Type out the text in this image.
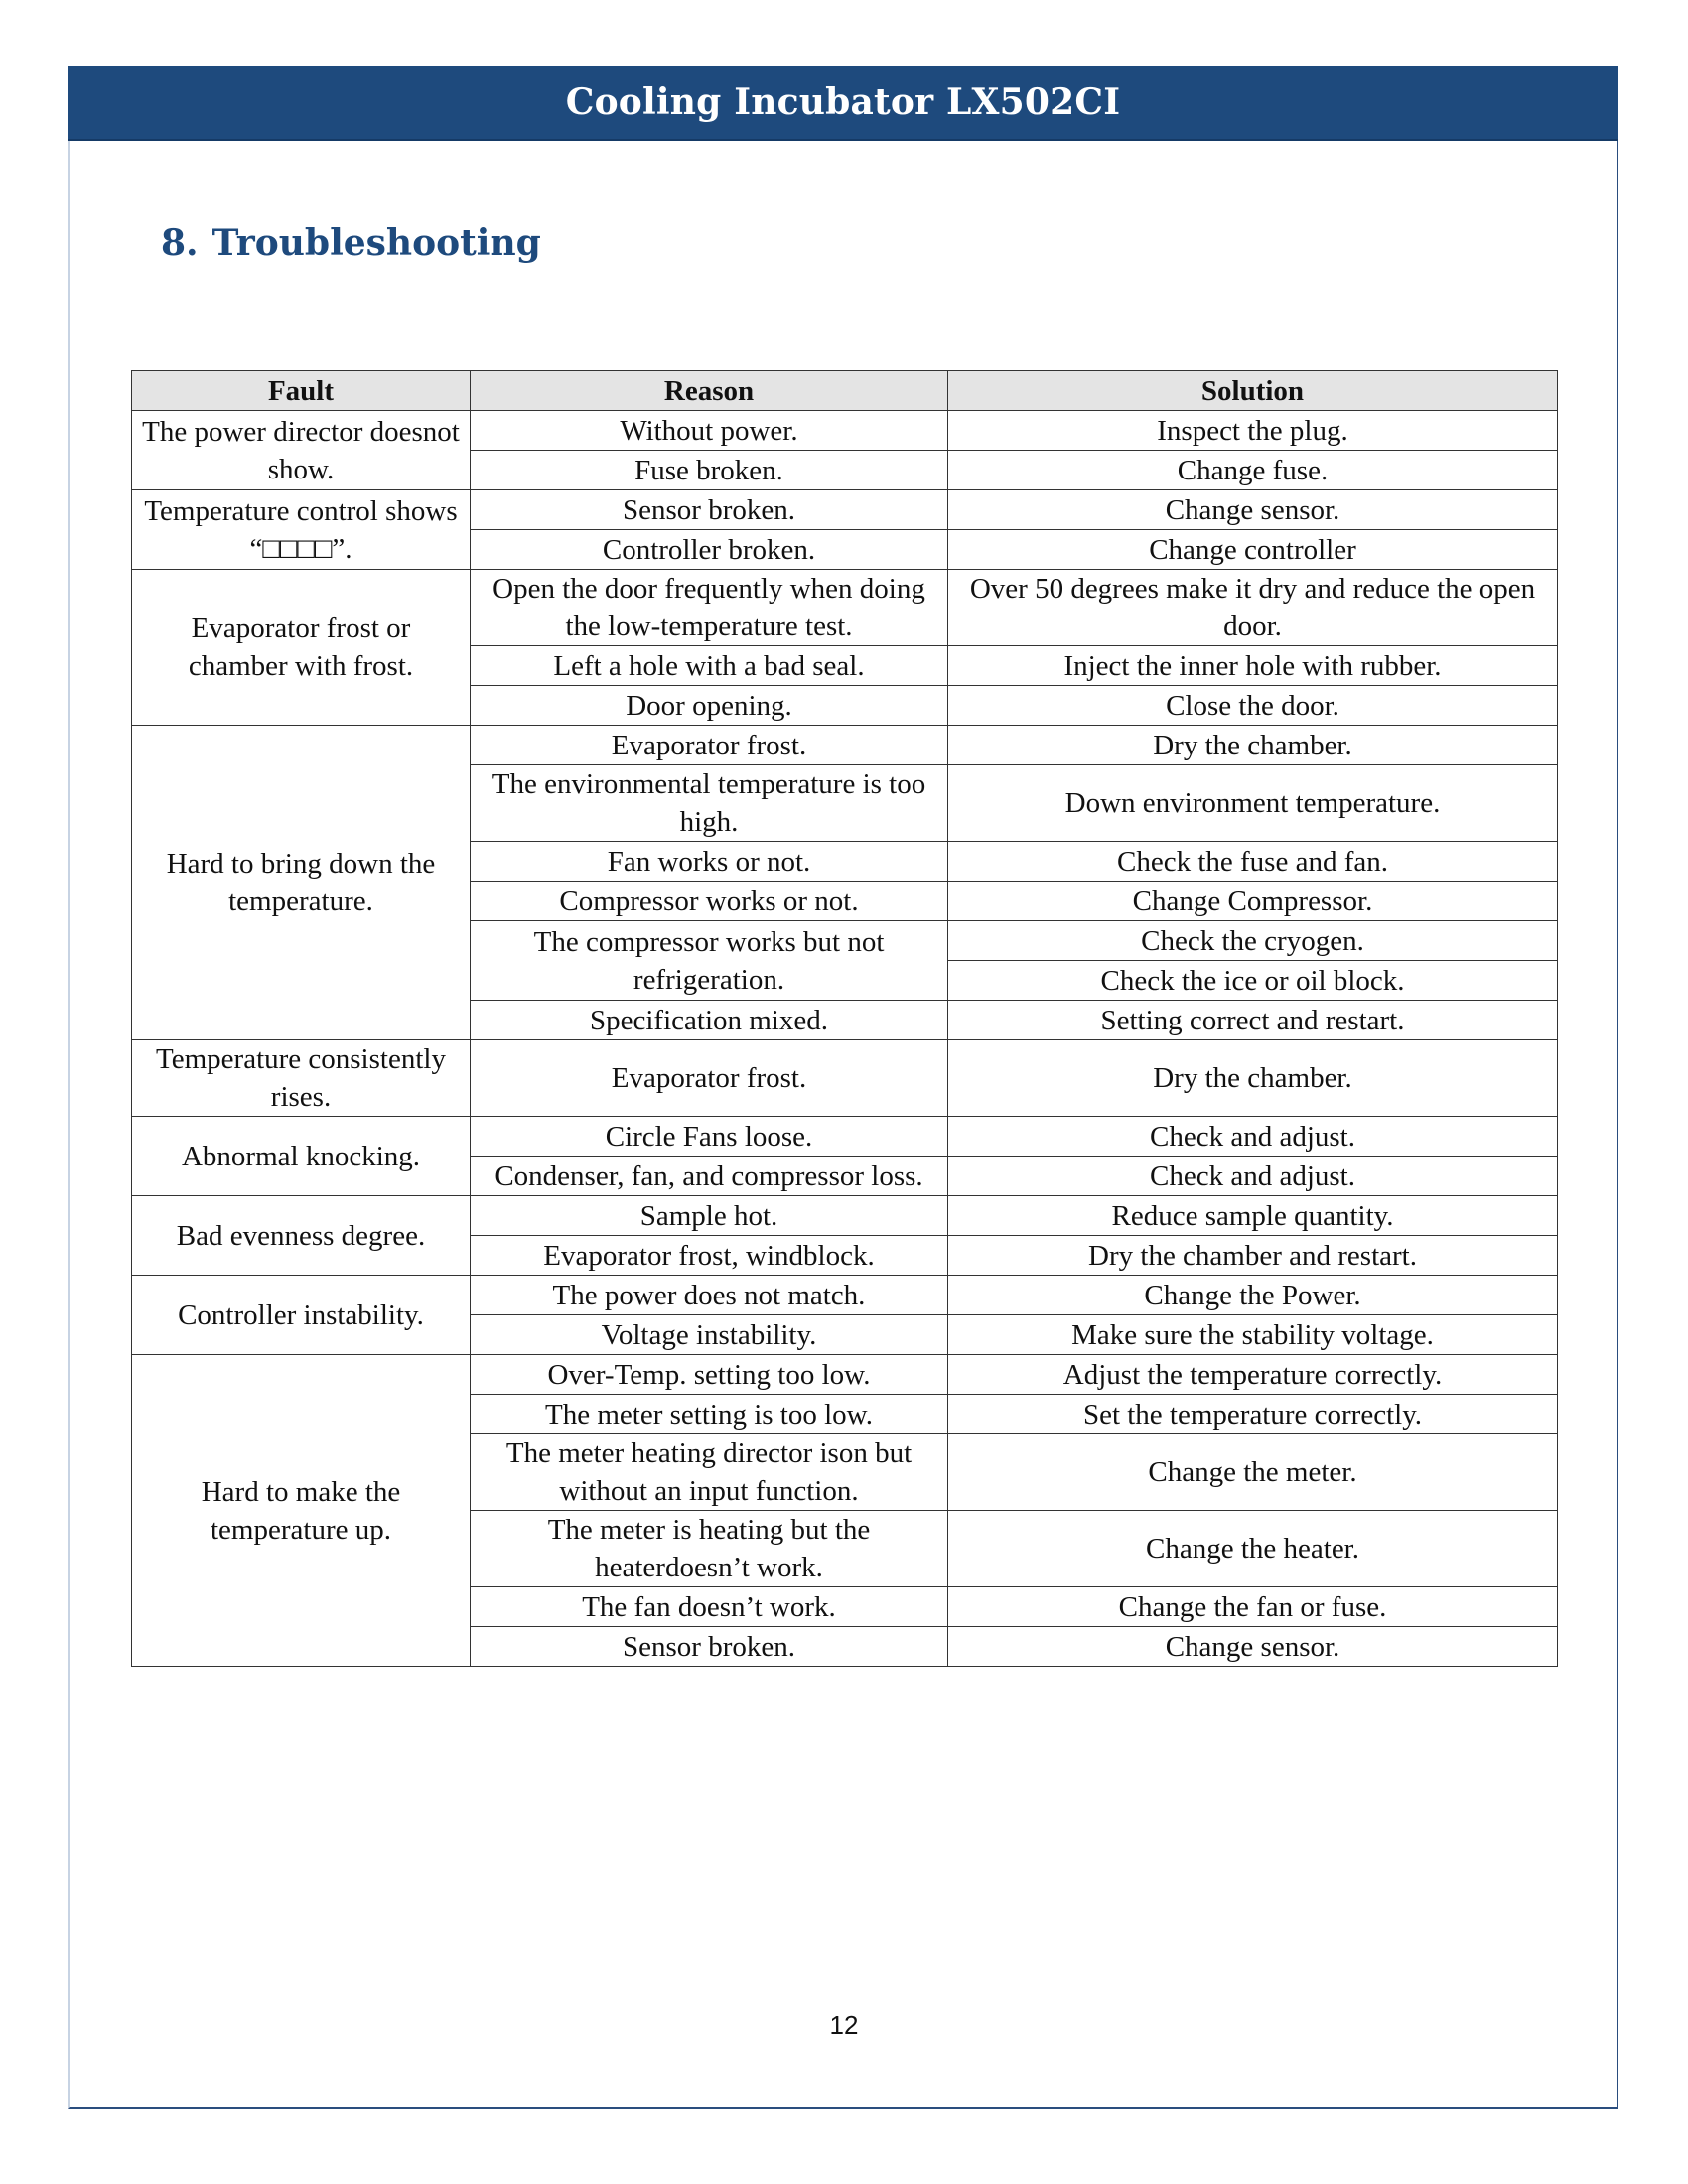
Cooling Incubator LX502CI
8. Troubleshooting
Fault	Reason	Solution
The power director doesnot show.	Without power.	Inspect the plug.
	Fuse broken.	Change fuse.
Temperature control shows “□□□□”.	Sensor broken.	Change sensor.
	Controller broken.	Change controller
Evaporator frost or chamber with frost.	Open the door frequently when doing the low-temperature test.	Over 50 degrees make it dry and reduce the open door.
	Left a hole with a bad seal.	Inject the inner hole with rubber.
	Door opening.	Close the door.
Hard to bring down the temperature.	Evaporator frost.	Dry the chamber.
	The environmental temperature is too high.	Down environment temperature.
	Fan works or not.	Check the fuse and fan.
	Compressor works or not.	Change Compressor.
	The compressor works but not refrigeration.	Check the cryogen.
		Check the ice or oil block.
	Specification mixed.	Setting correct and restart.
Temperature consistently rises.	Evaporator frost.	Dry the chamber.
Abnormal knocking.	Circle Fans loose.	Check and adjust.
	Condenser, fan, and compressor loss.	Check and adjust.
Bad evenness degree.	Sample hot.	Reduce sample quantity.
	Evaporator frost, windblock.	Dry the chamber and restart.
Controller instability.	The power does not match.	Change the Power.
	Voltage instability.	Make sure the stability voltage.
Hard to make the temperature up.	Over-Temp. setting too low.	Adjust the temperature correctly.
	The meter setting is too low.	Set the temperature correctly.
	The meter heating director ison but without an input function.	Change the meter.
	The meter is heating but the heaterdoesn’t work.	Change the heater.
	The fan doesn’t work.	Change the fan or fuse.
	Sensor broken.	Change sensor.
12
